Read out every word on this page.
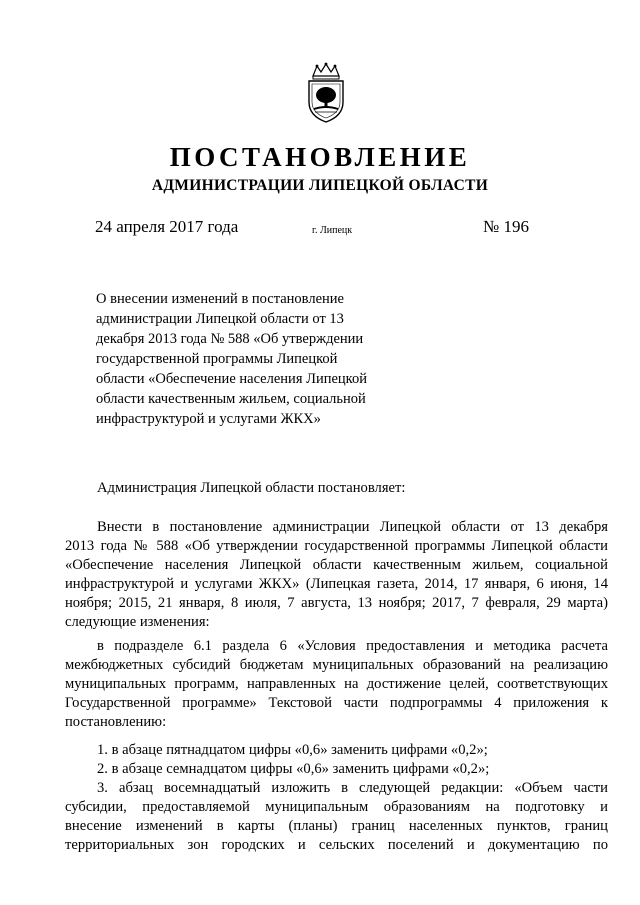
ПОСТАНОВЛЕНИЕ
АДМИНИСТРАЦИИ ЛИПЕЦКОЙ ОБЛАСТИ
24 апреля 2017 года	г. Липецк	№ 196
О внесении изменений в постановление
администрации Липецкой области от 13
декабря 2013 года № 588 «Об утверждении
государственной программы Липецкой
области «Обеспечение населения Липецкой
области качественным жильем, социальной
инфраструктурой и услугами ЖКХ»
Администрация Липецкой области постановляет:
Внести в постановление администрации Липецкой области от 13 декабря
2013 года № 588 «Об утверждении государственной программы Липецкой области
«Обеспечение населения Липецкой области качественным жильем, социальной
инфраструктурой и услугами ЖКХ» (Липецкая газета, 2014, 17 января, 6 июня, 14
ноября; 2015, 21 января, 8 июля, 7 августа, 13 ноября; 2017, 7 февраля, 29 марта)
следующие изменения:
в подразделе 6.1 раздела 6 «Условия предоставления и методика расчета
межбюджетных субсидий бюджетам муниципальных образований на реализацию
муниципальных программ, направленных на достижение целей, соответствующих
Государственной программе» Текстовой части подпрограммы 4 приложения к
постановлению:
1. в абзаце пятнадцатом цифры «0,6» заменить цифрами «0,2»;
2. в абзаце семнадцатом цифры «0,6» заменить цифрами «0,2»;
3. абзац восемнадцатый изложить в следующей редакции: «Объем части
субсидии, предоставляемой муниципальным образованиям на подготовку и
внесение изменений в карты (планы) границ населенных пунктов, границ
территориальных зон городских и сельских поселений и документацию по
